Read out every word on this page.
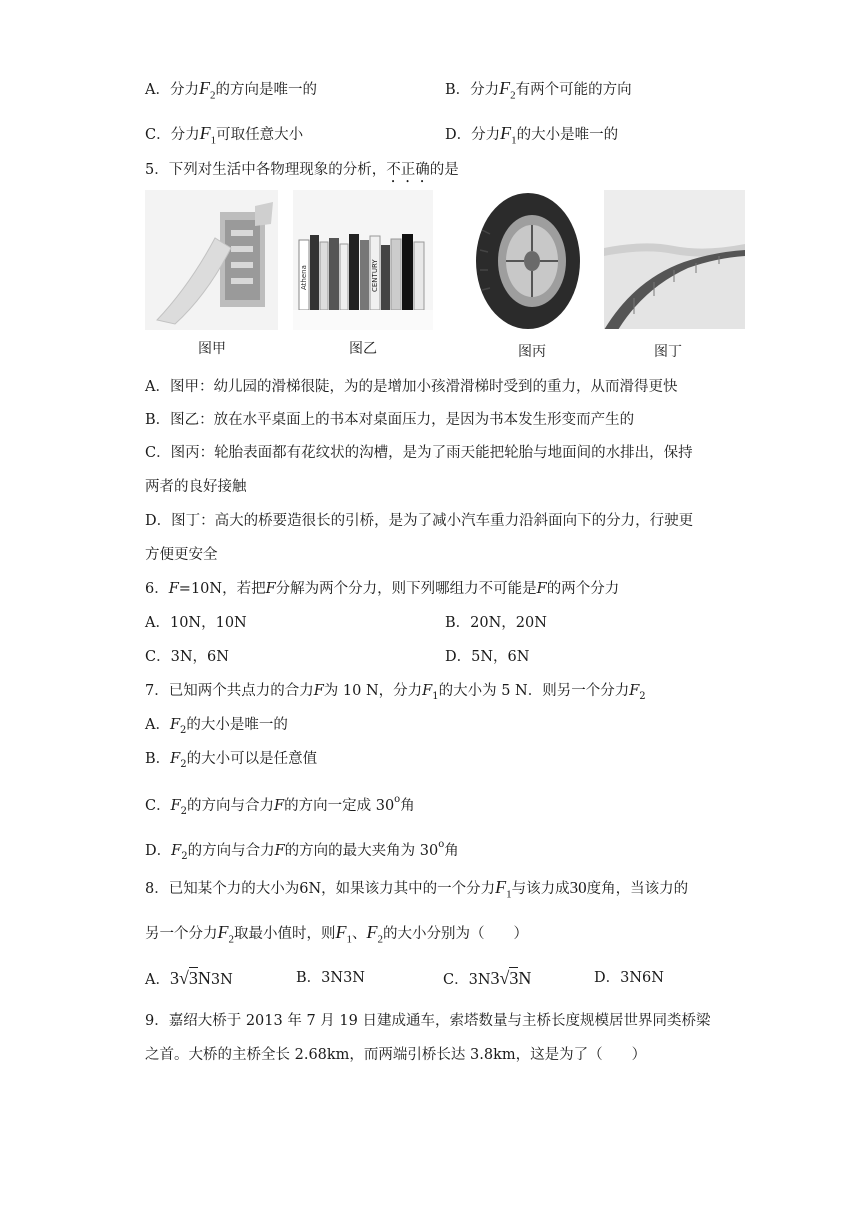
A．分力$F_2$的方向是唯一的	B．分力$F_2$有两个可能的方向
C．分力$F_1$可取任意大小	D．分力$F_1$的大小是唯一的
5．下列对生活中各物理现象的分析，不正确的是
图甲
Athena	CENTURY
图乙	图丙	图丁
A．图甲：幼儿园的滑梯很陡，为的是增加小孩滑滑梯时受到的重力，从而滑得更快
B．图乙：放在水平桌面上的书本对桌面压力，是因为书本发生形变而产生的
C．图丙：轮胎表面都有花纹状的沟槽，是为了雨天能把轮胎与地面间的水排出，保持
两者的良好接触
D．图丁：高大的桥要造很长的引桥，是为了减小汽车重力沿斜面向下的分力，行驶更
方便更安全
6．F=10N，若把F分解为两个分力，则下列哪组力不可能是F的两个分力
A．10N，10N	B．20N，20N
C．3N，6N	D．5N，6N
7．已知两个共点力的合力F为 10 N，分力$F_1$的大小为 5 N．则另一个分力$F_2$
A．$F_2$的大小是唯一的
B．$F_2$的大小可以是任意值
C．$F_2$的方向与合力F的方向一定成 30$^o$角
D．$F_2$的方向与合力F的方向的最大夹角为 30$^o$角
8．已知某个力的大小为6N，如果该力其中的一个分力$F_1$与该力成30度角，当该力的
另一个分力$F_2$取最小值时，则$F_1$、$F_2$的大小分别为（　　）
A．3√3N3N	B．3N3N	C．3N3√3N	D．3N6N
9．嘉绍大桥于 2013 年 7 月 19 日建成通车，索塔数量与主桥长度规模居世界同类桥梁
之首。大桥的主桥全长 2.68km，而两端引桥长达 3.8km，这是为了（　　）
